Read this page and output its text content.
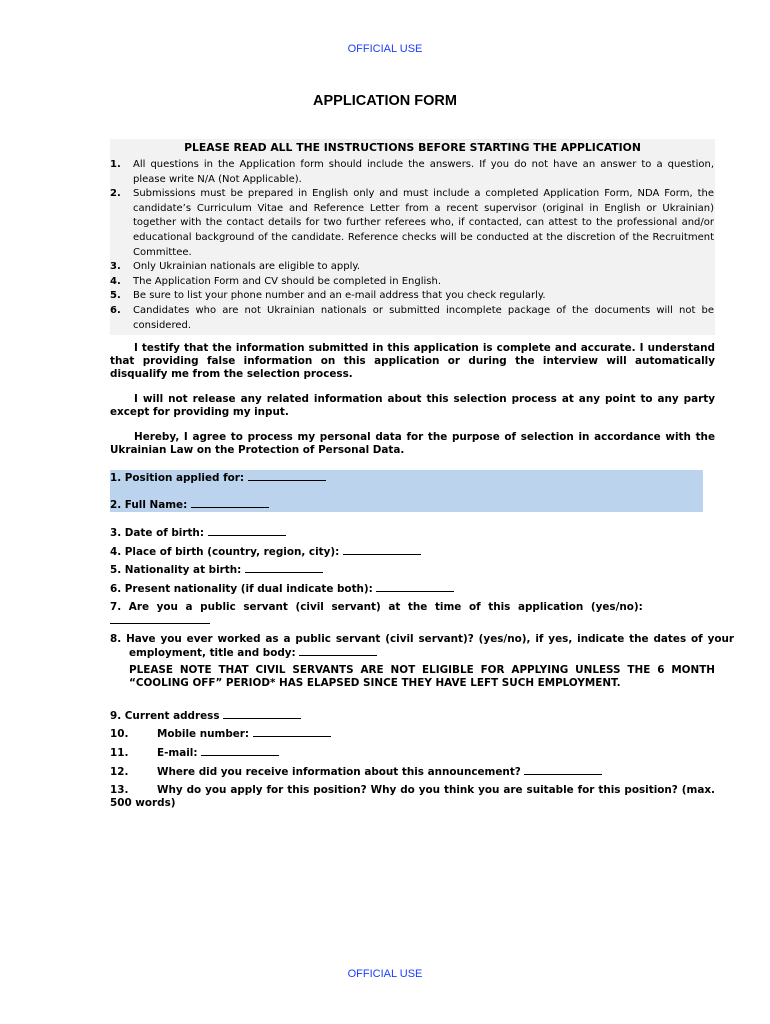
OFFICIAL USE
APPLICATION FORM
PLEASE READ ALL THE INSTRUCTIONS BEFORE STARTING THE APPLICATION
1. All questions in the Application form should include the answers. If you do not have an answer to a question, please write N/A (Not Applicable).
2. Submissions must be prepared in English only and must include a completed Application Form, NDA Form, the candidate’s Curriculum Vitae and Reference Letter from a recent supervisor (original in English or Ukrainian) together with the contact details for two further referees who, if contacted, can attest to the professional and/or educational background of the candidate. Reference checks will be conducted at the discretion of the Recruitment Committee.
3. Only Ukrainian nationals are eligible to apply.
4. The Application Form and CV should be completed in English.
5. Be sure to list your phone number and an e-mail address that you check regularly.
6. Candidates who are not Ukrainian nationals or submitted incomplete package of the documents will not be considered.
I testify that the information submitted in this application is complete and accurate. I understand that providing false information on this application or during the interview will automatically disqualify me from the selection process.
I will not release any related information about this selection process at any point to any party except for providing my input.
Hereby, I agree to process my personal data for the purpose of selection in accordance with the Ukrainian Law on the Protection of Personal Data.
1. Position applied for:
2. Full Name:
3. Date of birth:
4. Place of birth (country, region, city):
5. Nationality at birth:
6. Present nationality (if dual indicate both):
7. Are you a public servant (civil servant) at the time of this application (yes/no):

8. Have you ever worked as a public servant (civil servant)? (yes/no), if yes, indicate the dates of your employment, title and body:
PLEASE NOTE THAT CIVIL SERVANTS ARE NOT ELIGIBLE FOR APPLYING UNLESS THE 6 MONTH “COOLING OFF” PERIOD* HAS ELAPSED SINCE THEY HAVE LEFT SUCH EMPLOYMENT.
9. Current address
10.	Mobile number:
11.	E-mail:
12.	Where did you receive information about this announcement?
13.	Why do you apply for this position? Why do you think you are suitable for this position? (max. 500 words)
OFFICIAL USE
